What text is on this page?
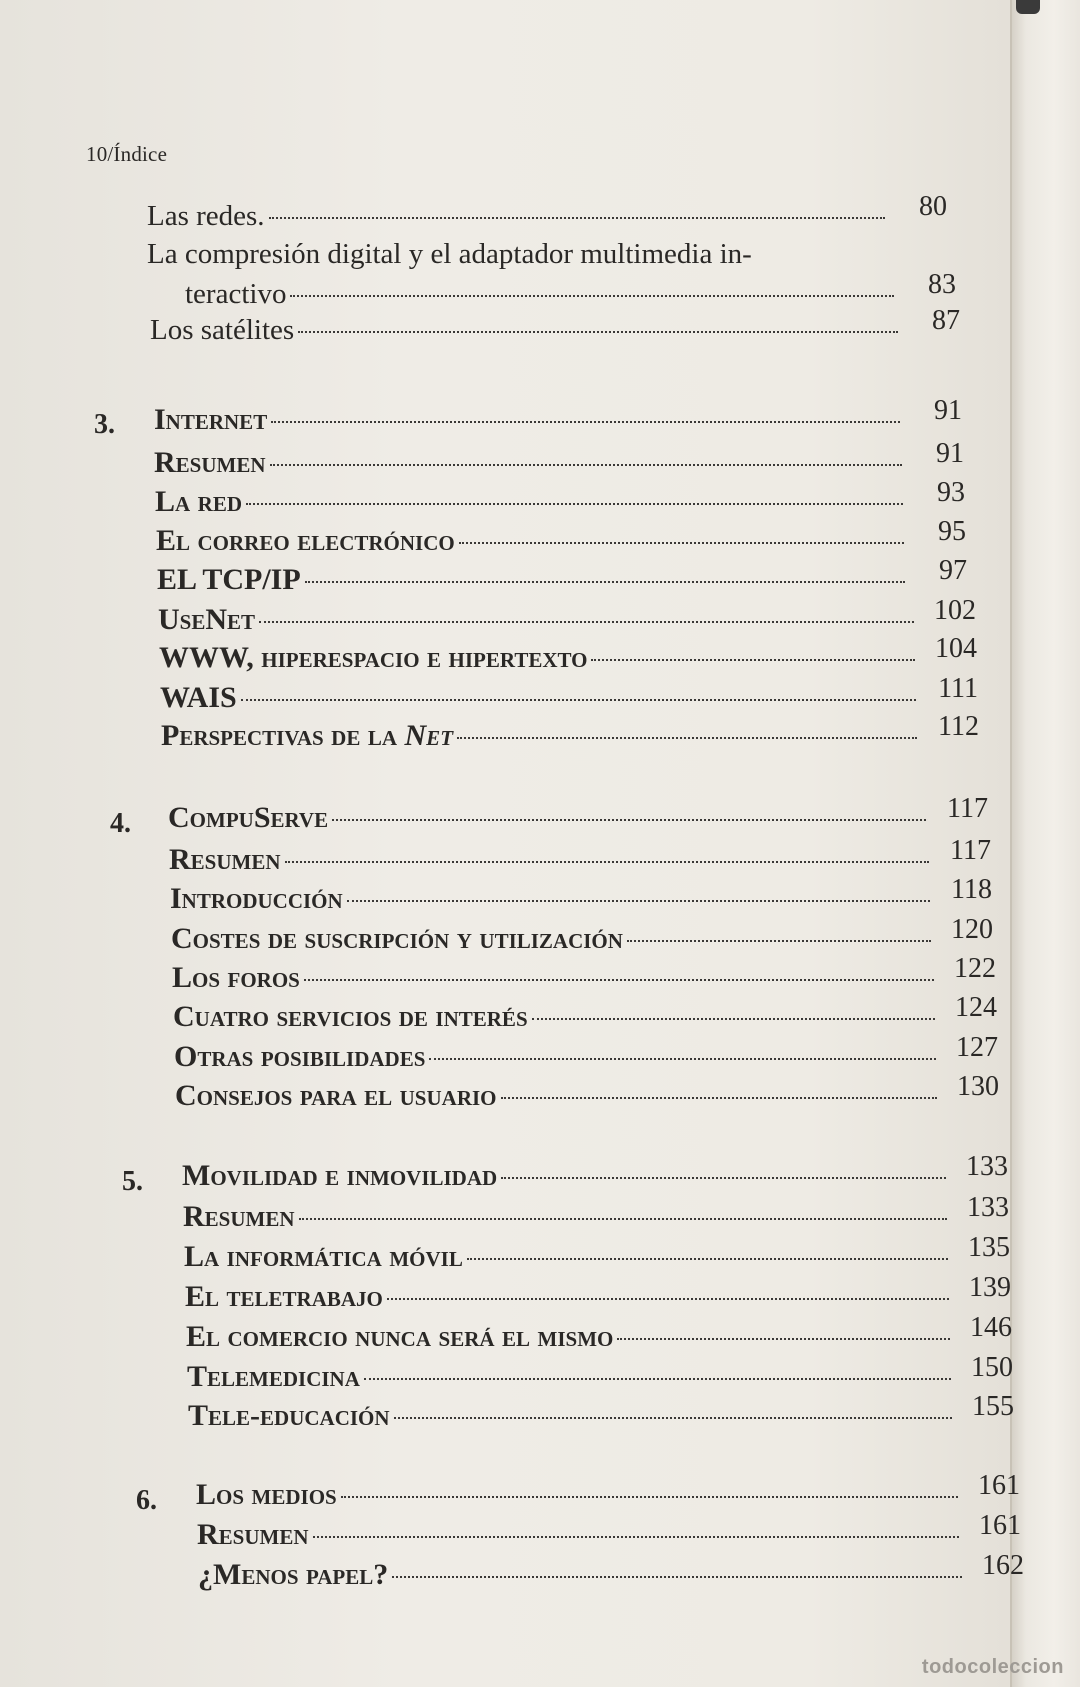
10/Índice
Las redes.	80
La compresión digital y el adaptador multimedia in-
teractivo	83
Los satélites	87
3. Internet	91
Resumen	91
La red	93
El correo electrónico	95
EL TCP/IP	97
UseNet	102
WWW, hiperespacio e hipertexto	104
WAIS	111
Perspectivas de la Net	112
4. CompuServe	117
Resumen	117
Introducción	118
Costes de suscripción y utilización	120
Los foros	122
Cuatro servicios de interés	124
Otras posibilidades	127
Consejos para el usuario	130
5. Movilidad e inmovilidad	133
Resumen	133
La informática móvil	135
El teletrabajo	139
El comercio nunca será el mismo	146
Telemedicina	150
Tele-educación	155
6. Los medios	161
Resumen	161
¿Menos papel?	162
todocoleccion
